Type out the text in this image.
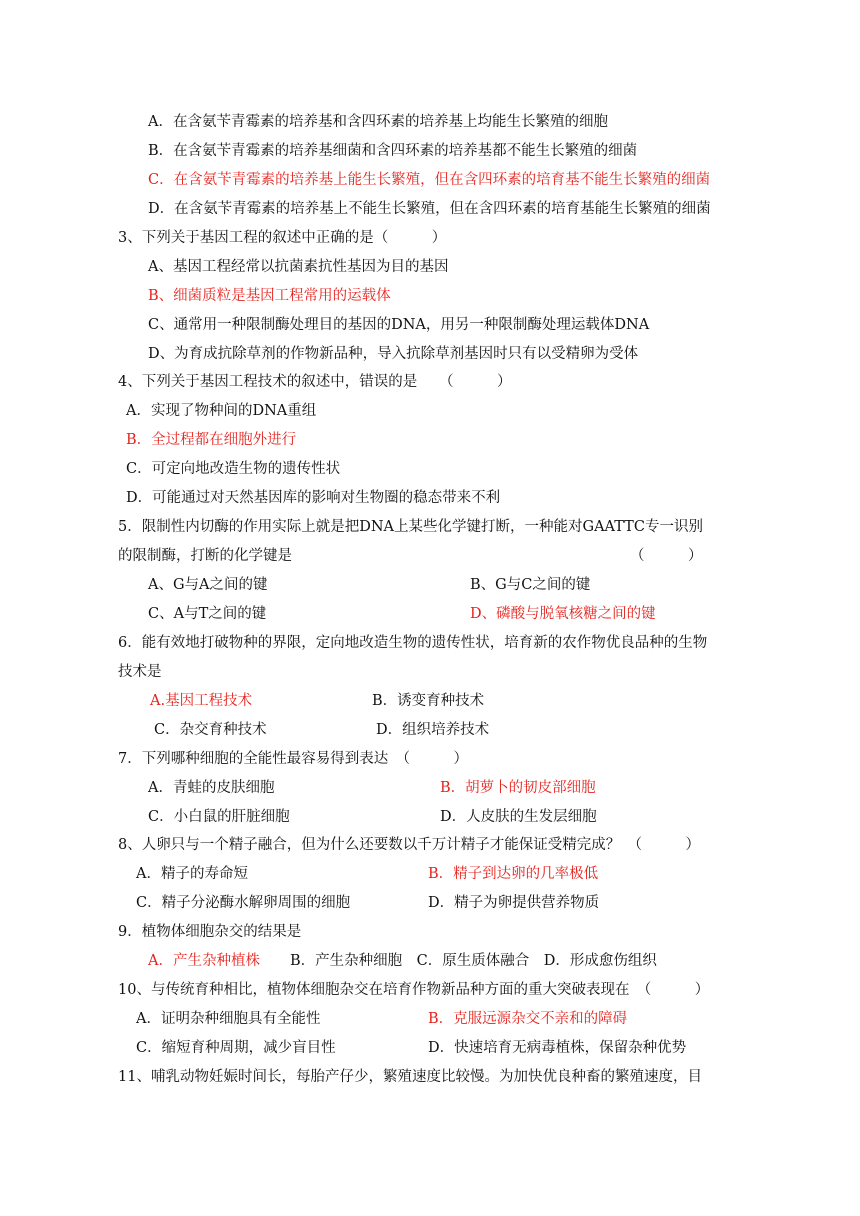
A．在含氨苄青霉素的培养基和含四环素的培养基上均能生长繁殖的细胞
B．在含氨苄青霉素的培养基细菌和含四环素的培养基都不能生长繁殖的细菌
C．在含氨苄青霉素的培养基上能生长繁殖，但在含四环素的培育基不能生长繁殖的细菌
D．在含氨苄青霉素的培养基上不能生长繁殖，但在含四环素的培育基能生长繁殖的细菌
3、下列关于基因工程的叙述中正确的是（　　　）
A、基因工程经常以抗菌素抗性基因为目的基因
B、细菌质粒是基因工程常用的运载体
C、通常用一种限制酶处理目的基因的DNA，用另一种限制酶处理运载体DNA
D、为育成抗除草剂的作物新品种，导入抗除草剂基因时只有以受精卵为受体
4、下列关于基因工程技术的叙述中，错误的是　　（　　　）
A．实现了物种间的DNA重组
B．全过程都在细胞外进行
C．可定向地改造生物的遗传性状
D．可能通过对天然基因库的影响对生物圈的稳态带来不利
5．限制性内切酶的作用实际上就是把DNA上某些化学键打断，一种能对GAATTC专一识别
的限制酶，打断的化学键是	（　　　）
A、G与A之间的键	B、G与C之间的键
C、A与T之间的键	D、磷酸与脱氧核糖之间的键
6．能有效地打破物种的界限，定向地改造生物的遗传性状，培育新的农作物优良品种的生物
技术是
A.基因工程技术	B．诱变育种技术
C．杂交育种技术	D．组织培养技术
7．下列哪种细胞的全能性最容易得到表达　（　　　）
A．青蛙的皮肤细胞	B．胡萝卜的韧皮部细胞
C．小白鼠的肝脏细胞	D．人皮肤的生发层细胞
8、人卵只与一个精子融合，但为什么还要数以千万计精子才能保证受精完成？　（　　　）
A．精子的寿命短	B．精子到达卵的几率极低
C．精子分泌酶水解卵周围的细胞	D．精子为卵提供营养物质
9．植物体细胞杂交的结果是
A．产生杂种植株 B．产生杂种细胞　C．原生质体融合　D．形成愈伤组织
10、与传统育种相比，植物体细胞杂交在培育作物新品种方面的重大突破表现在　（　　　）
A．证明杂种细胞具有全能性	B．克服远源杂交不亲和的障碍
C．缩短育种周期，减少盲目性	D．快速培育无病毒植株，保留杂种优势
11、哺乳动物妊娠时间长，每胎产仔少，繁殖速度比较慢。为加快优良种畜的繁殖速度，目
